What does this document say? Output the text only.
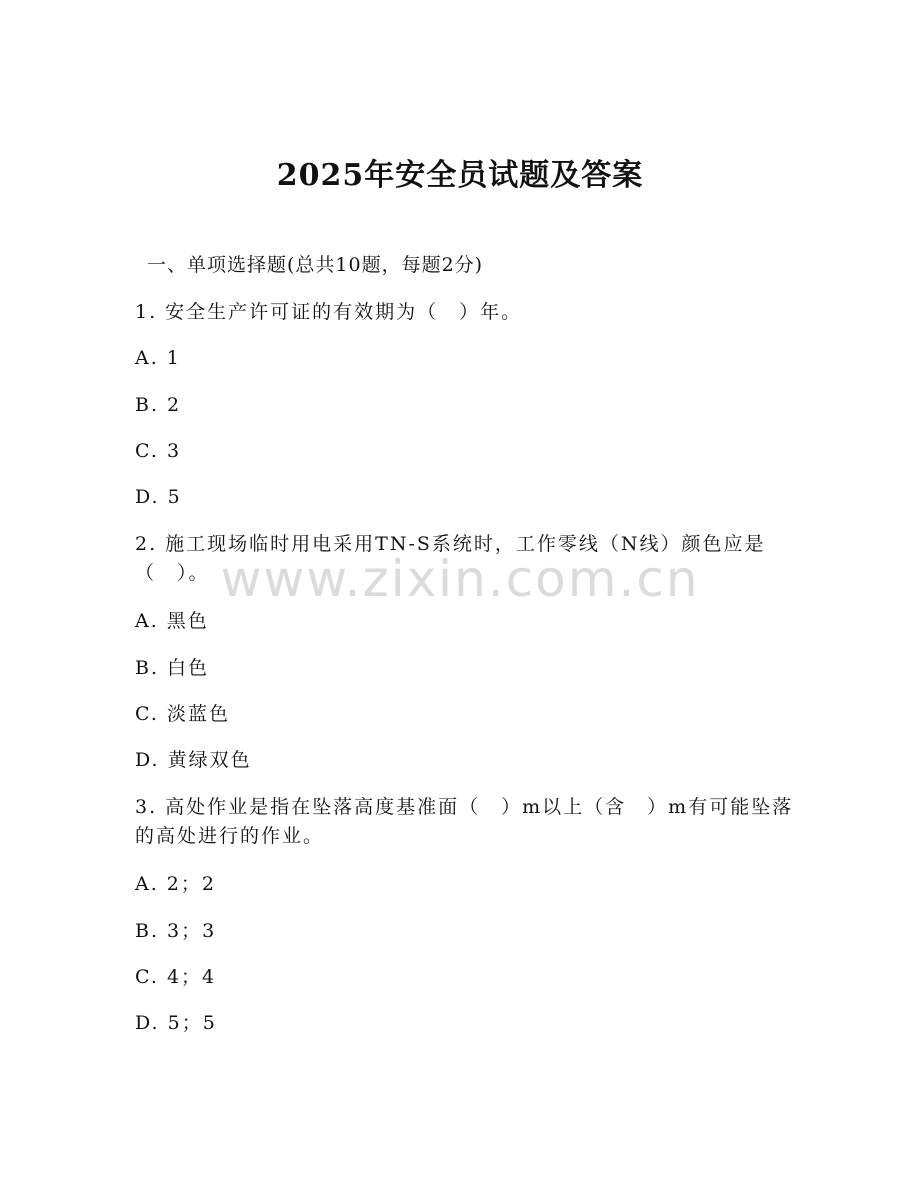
2025年安全员试题及答案

一、单项选择题(总共10题，每题2分)

1. 安全生产许可证的有效期为（　）年。

A. 1

B. 2

C. 3

D. 5

2. 施工现场临时用电采用TN-S系统时，工作零线（N线）颜色应是（　）。

A. 黑色

B. 白色

C. 淡蓝色

D. 黄绿双色

3. 高处作业是指在坠落高度基准面（　）m以上（含　）m有可能坠落的高处进行的作业。

A. 2；2

B. 3；3

C. 4；4

D. 5；5

www.zixin.com.cn
